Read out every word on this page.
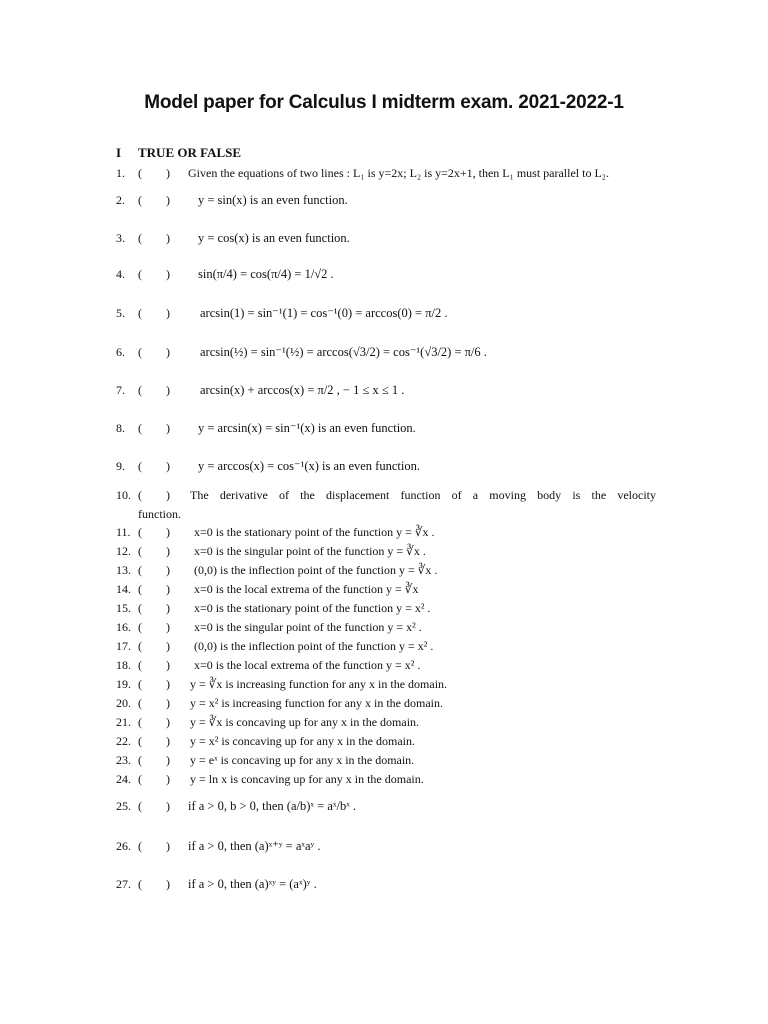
Model paper for Calculus I midterm exam. 2021-2022-1
I TRUE OR FALSE
1. ( ) Given the equations of two lines : L₁ is y=2x; L₂ is y=2x+1, then L₁ must parallel to L₂.
2. ( ) y = sin(x) is an even function.
3. ( ) y = cos(x) is an even function.
4. ( ) sin(π/4) = cos(π/4) = 1/√2 .
5. ( ) arcsin(1) = sin⁻¹(1) = cos⁻¹(0) = arccos(0) = π/2 .
6. ( ) arcsin(½) = sin⁻¹(½) = arccos(√3/2) = cos⁻¹(√3/2) = π/6 .
7. ( ) arcsin(x) + arccos(x) = π/2 , − 1 ≤ x ≤ 1 .
8. ( ) y = arcsin(x) = sin⁻¹(x) is an even function.
9. ( ) y = arccos(x) = cos⁻¹(x) is an even function.
10. ( ) The derivative of the displacement function of a moving body is the velocity
function.
11. ( ) x=0 is the stationary point of the function y = ∛x .
12. ( ) x=0 is the singular point of the function y = ∛x .
13. ( ) (0,0) is the inflection point of the function y = ∛x .
14. ( ) x=0 is the local extrema of the function y = ∛x
15. ( ) x=0 is the stationary point of the function y = x² .
16. ( ) x=0 is the singular point of the function y = x² .
17. ( ) (0,0) is the inflection point of the function y = x² .
18. ( ) x=0 is the local extrema of the function y = x² .
19. ( ) y = ∛x is increasing function for any x in the domain.
20. ( ) y = x² is increasing function for any x in the domain.
21. ( ) y = ∛x is concaving up for any x in the domain.
22. ( ) y = x² is concaving up for any x in the domain.
23. ( ) y = eˣ is concaving up for any x in the domain.
24. ( ) y = ln x is concaving up for any x in the domain.
25. ( ) if a > 0, b > 0, then (a/b)ˣ = aˣ/bˣ .
26. ( ) if a > 0, then (a)ˣ⁺ʸ = aˣaʸ .
27. ( ) if a > 0, then (a)ˣʸ = (aˣ)ʸ .
